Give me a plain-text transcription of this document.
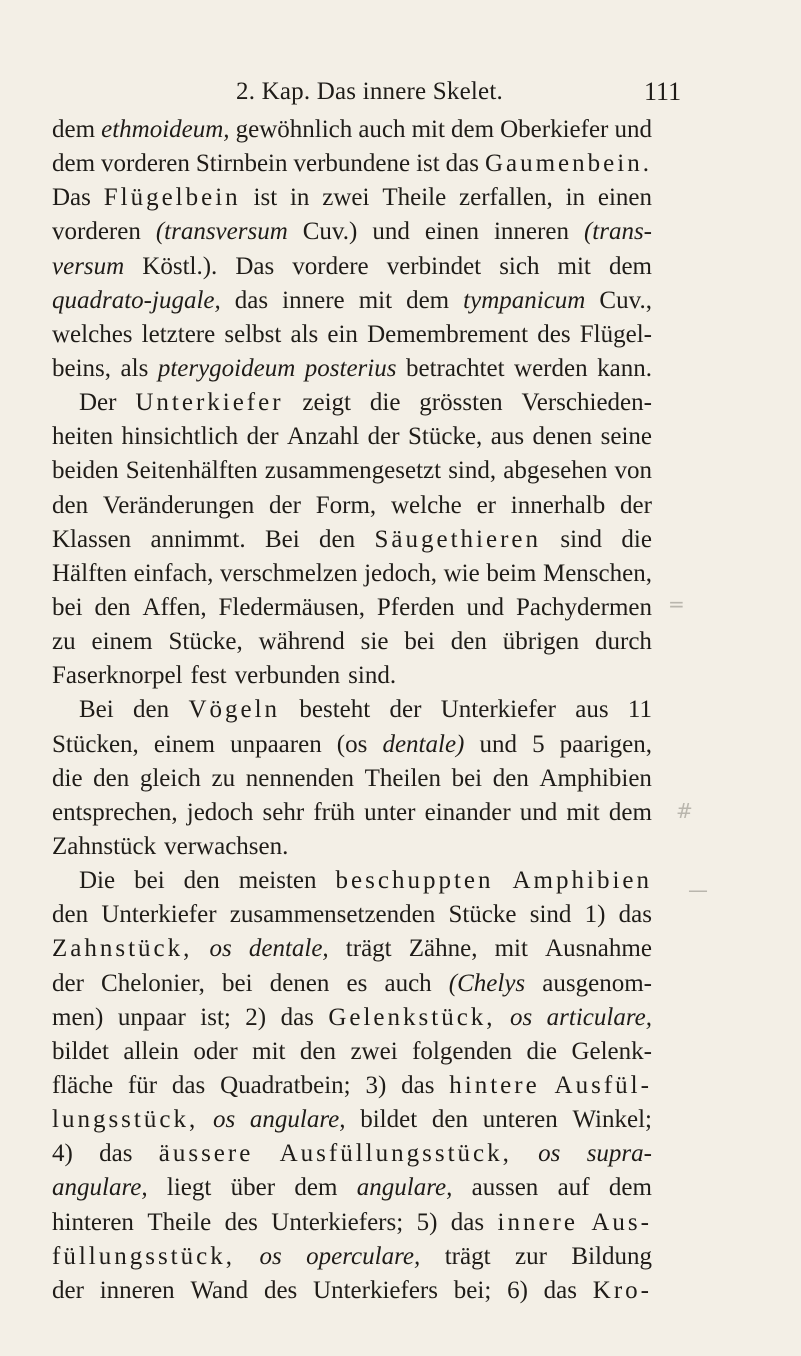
2. Kap. Das innere Skelet.	111
dem ethmoideum, gewöhnlich auch mit dem Oberkiefer und
dem vorderen Stirnbein verbundene ist das Gaumenbein.
Das Flügelbein ist in zwei Theile zerfallen, in einen
vorderen (transversum Cuv.) und einen inneren (trans-
versum Köstl.). Das vordere verbindet sich mit dem
quadrato-jugale, das innere mit dem tympanicum Cuv.,
welches letztere selbst als ein Demembrement des Flügel-
beins, als pterygoideum posterius betrachtet werden kann.
Der Unterkiefer zeigt die grössten Verschieden-
heiten hinsichtlich der Anzahl der Stücke, aus denen seine
beiden Seitenhälften zusammengesetzt sind, abgesehen von
den Veränderungen der Form, welche er innerhalb der
Klassen annimmt. Bei den Säugethieren sind die
Hälften einfach, verschmelzen jedoch, wie beim Menschen,
bei den Affen, Fledermäusen, Pferden und Pachydermen
zu einem Stücke, während sie bei den übrigen durch
Faserknorpel fest verbunden sind.
Bei den Vögeln besteht der Unterkiefer aus 11
Stücken, einem unpaaren (os dentale) und 5 paarigen,
die den gleich zu nennenden Theilen bei den Amphibien
entsprechen, jedoch sehr früh unter einander und mit dem
Zahnstück verwachsen.
Die bei den meisten beschuppten Amphibien
den Unterkiefer zusammensetzenden Stücke sind 1) das
Zahnstück, os dentale, trägt Zähne, mit Ausnahme
der Chelonier, bei denen es auch (Chelys ausgenom-
men) unpaar ist; 2) das Gelenkstück, os articulare,
bildet allein oder mit den zwei folgenden die Gelenk-
fläche für das Quadratbein; 3) das hintere Ausfül-
lungsstück, os angulare, bildet den unteren Winkel;
4) das äussere Ausfüllungsstück, os supra-
angulare, liegt über dem angulare, aussen auf dem
hinteren Theile des Unterkiefers; 5) das innere Aus-
füllungsstück, os operculare, trägt zur Bildung
der inneren Wand des Unterkiefers bei; 6) das Kro-
=
#
—
